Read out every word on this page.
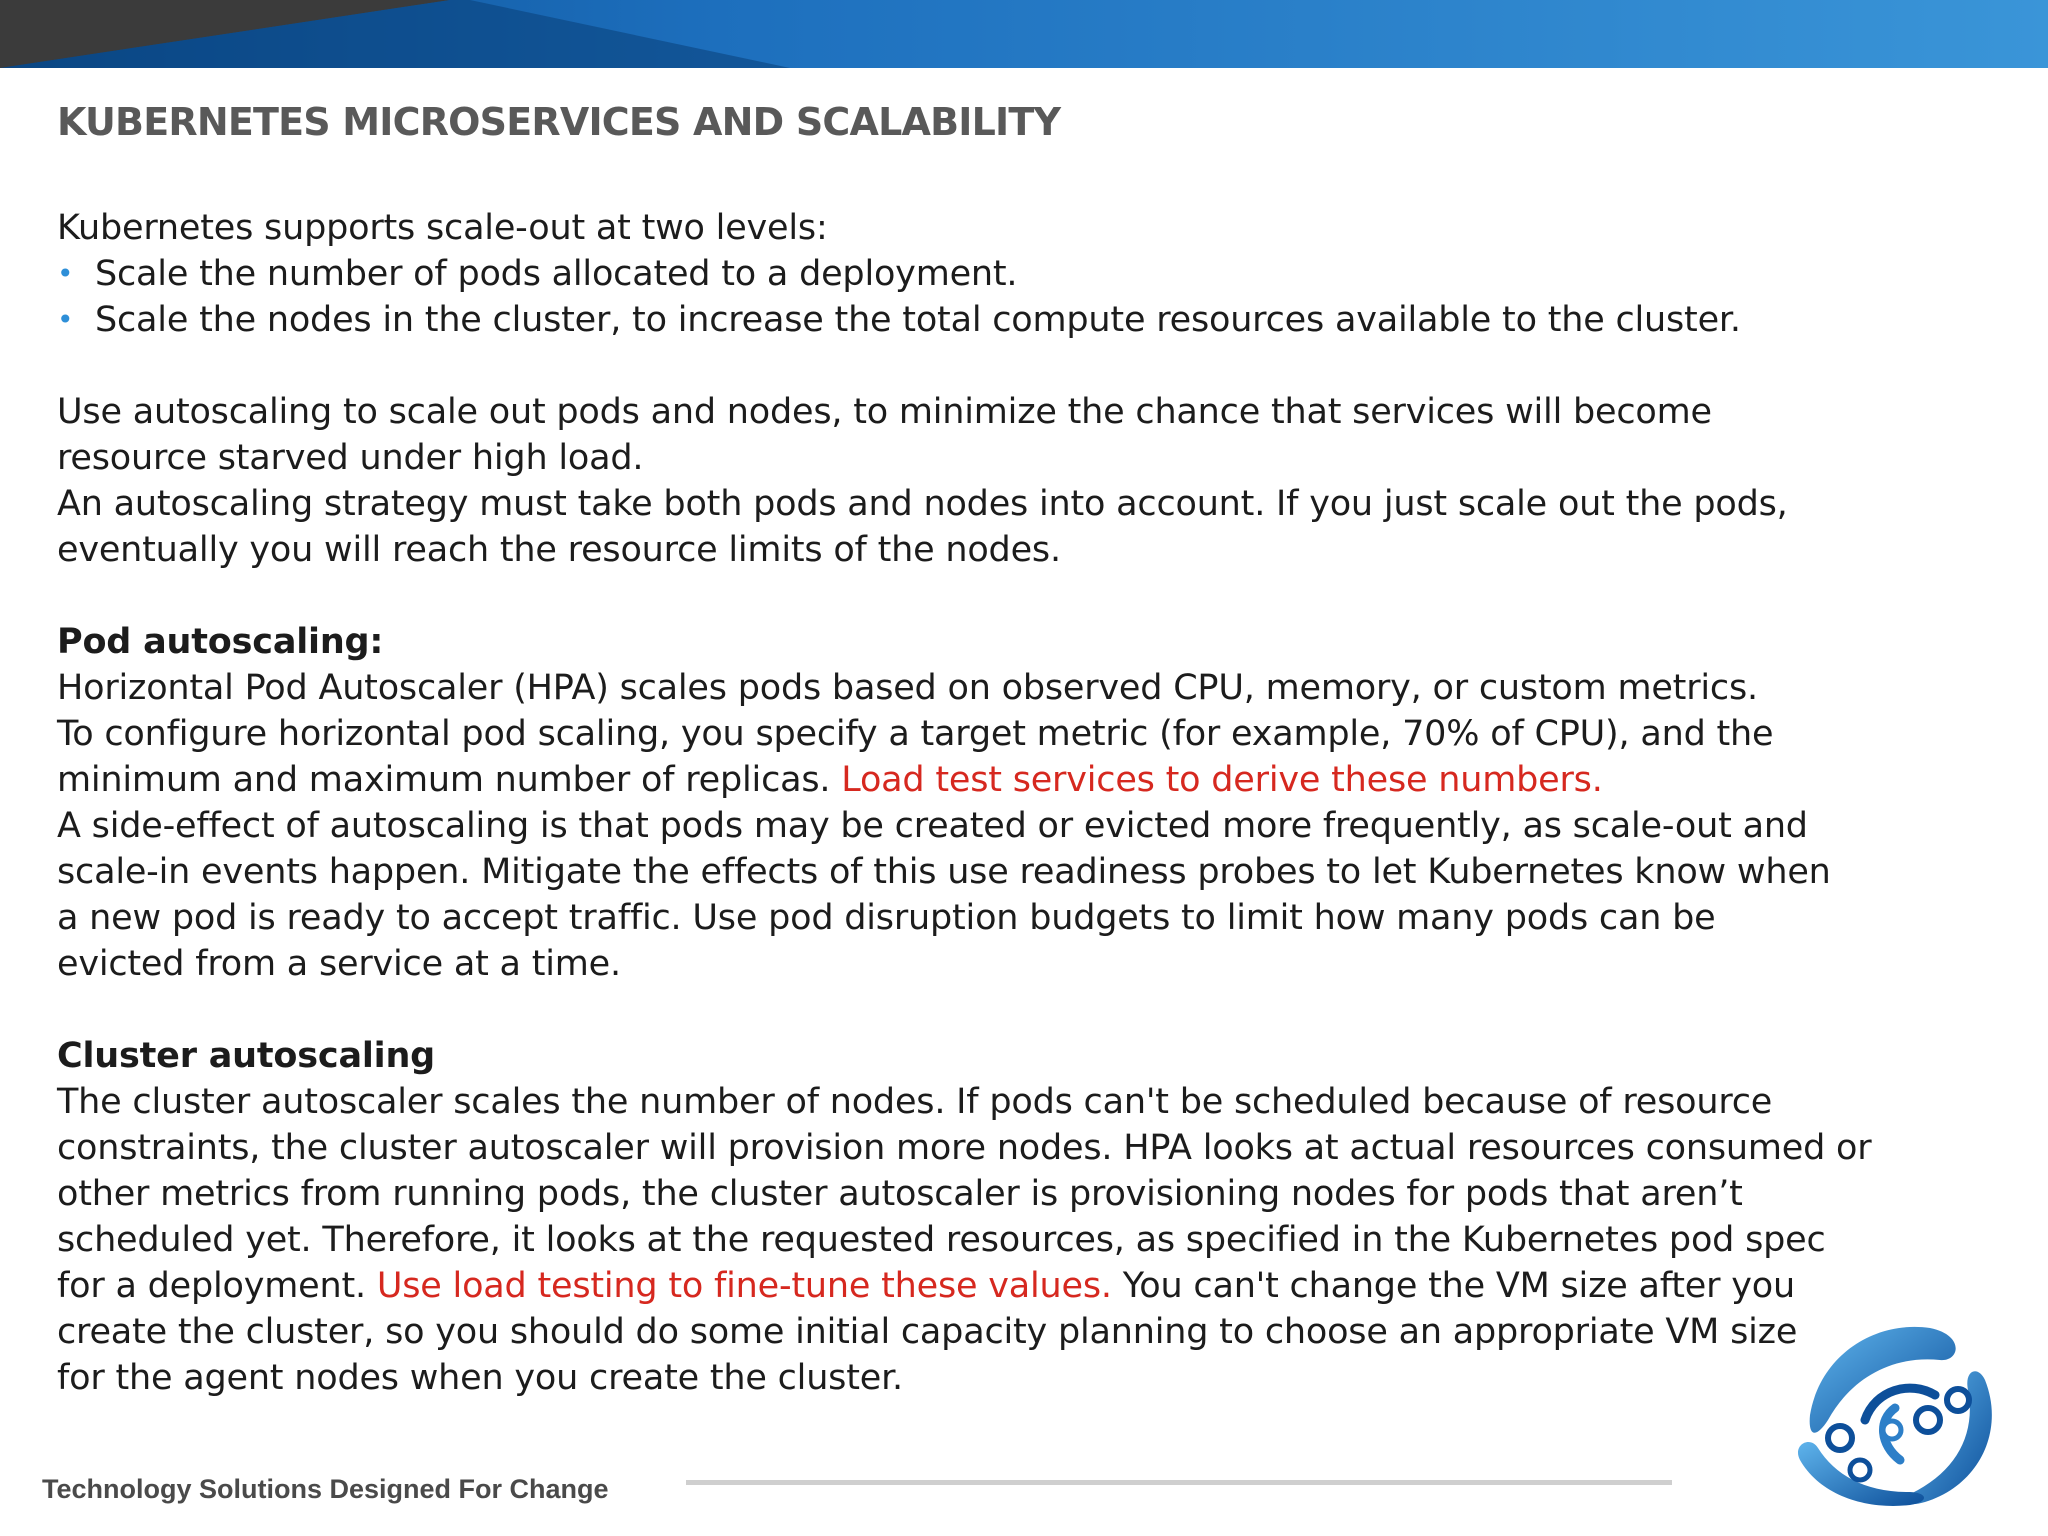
KUBERNETES MICROSERVICES AND SCALABILITY
Kubernetes supports scale-out at two levels:
• Scale the number of pods allocated to a deployment.
• Scale the nodes in the cluster, to increase the total compute resources available to the cluster.
Use autoscaling to scale out pods and nodes, to minimize the chance that services will become
resource starved under high load.
An autoscaling strategy must take both pods and nodes into account. If you just scale out the pods,
eventually you will reach the resource limits of the nodes.
Pod autoscaling:
Horizontal Pod Autoscaler (HPA) scales pods based on observed CPU, memory, or custom metrics.
To configure horizontal pod scaling, you specify a target metric (for example, 70% of CPU), and the
minimum and maximum number of replicas. Load test services to derive these numbers.
A side-effect of autoscaling is that pods may be created or evicted more frequently, as scale-out and
scale-in events happen. Mitigate the effects of this use readiness probes to let Kubernetes know when
a new pod is ready to accept traffic. Use pod disruption budgets to limit how many pods can be
evicted from a service at a time.
Cluster autoscaling
The cluster autoscaler scales the number of nodes. If pods can't be scheduled because of resource
constraints, the cluster autoscaler will provision more nodes. HPA looks at actual resources consumed or
other metrics from running pods, the cluster autoscaler is provisioning nodes for pods that aren’t
scheduled yet. Therefore, it looks at the requested resources, as specified in the Kubernetes pod spec
for a deployment. Use load testing to fine-tune these values. You can't change the VM size after you
create the cluster, so you should do some initial capacity planning to choose an appropriate VM size
for the agent nodes when you create the cluster.
Technology Solutions Designed For Change
